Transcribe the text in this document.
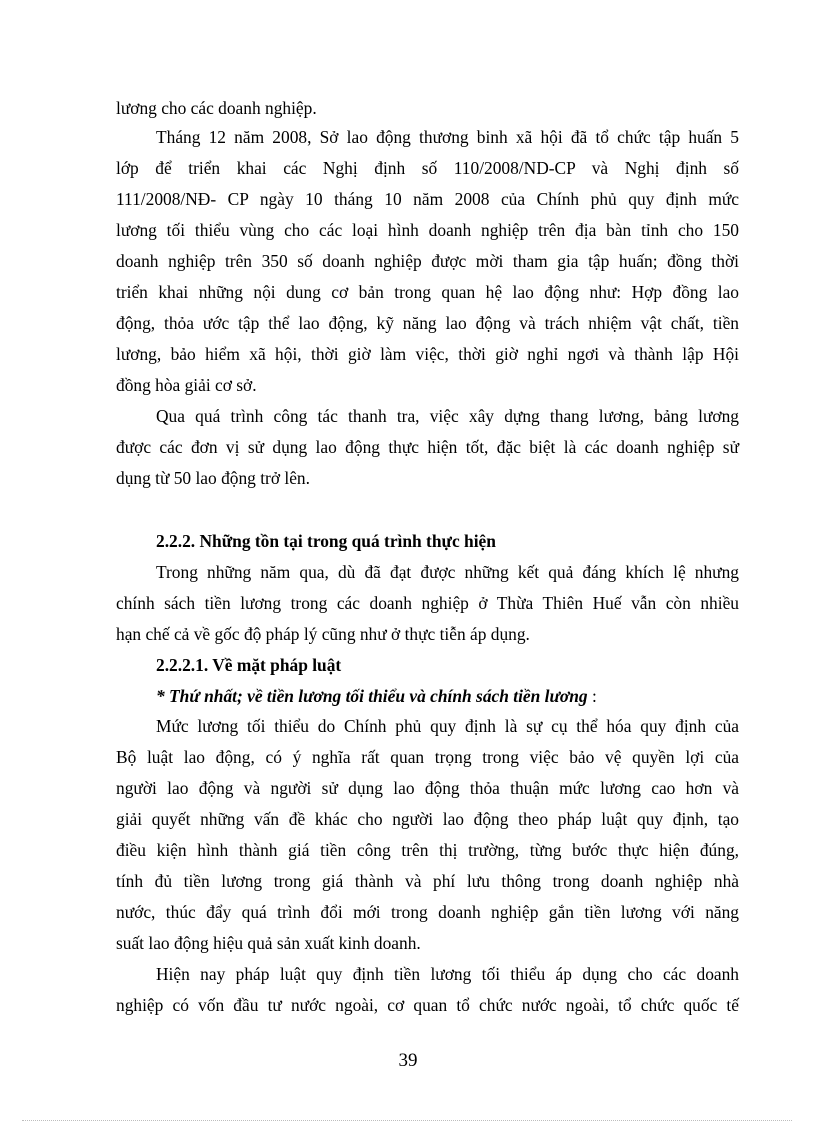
lương cho các doanh nghiệp.
Tháng 12 năm 2008, Sở lao động thương binh xã hội đã tổ chức tập huấn 5
lớp để triển khai các Nghị định số 110/2008/ND-CP và Nghị định số
111/2008/NĐ- CP ngày 10 tháng 10 năm 2008 của Chính phủ quy định mức
lương tối thiểu vùng cho các loại hình doanh nghiệp trên địa bàn tỉnh cho 150
doanh nghiệp trên 350 số doanh nghiệp được mời tham gia tập huấn; đồng thời
triển khai những nội dung cơ bản trong quan hệ lao động như: Hợp đồng lao
động, thỏa ước tập thể lao động, kỹ năng lao động và trách nhiệm vật chất, tiền
lương, bảo hiểm xã hội, thời giờ làm việc, thời giờ nghỉ ngơi và thành lập Hội
đồng hòa giải cơ sở.
Qua quá trình công tác thanh tra, việc xây dựng thang lương, bảng lương
được các đơn vị sử dụng lao động thực hiện tốt, đặc biệt là các doanh nghiệp sử
dụng từ 50 lao động trở lên.
2.2.2. Những tồn tại trong quá trình thực hiện
Trong những năm qua, dù đã đạt được những kết quả đáng khích lệ nhưng
chính sách tiền lương trong các doanh nghiệp ở Thừa Thiên Huế vẫn còn nhiều
hạn chế cả về gốc độ pháp lý cũng như ở thực tiễn áp dụng.
2.2.2.1. Về mặt pháp luật
* Thứ nhất; về tiền lương tối thiểu và chính sách tiền lương :
Mức lương tối thiểu do Chính phủ quy định là sự cụ thể hóa quy định của
Bộ luật lao động, có ý nghĩa rất quan trọng trong việc bảo vệ quyền lợi của
người lao động và người sử dụng lao động thỏa thuận mức lương cao hơn và
giải quyết những vấn đề khác cho người lao động theo pháp luật quy định, tạo
điều kiện hình thành giá tiền công trên thị trường, từng bước thực hiện đúng,
tính đủ tiền lương trong giá thành và phí lưu thông trong doanh nghiệp nhà
nước, thúc đẩy quá trình đổi mới trong doanh nghiệp gắn tiền lương với năng
suất lao động hiệu quả sản xuất kinh doanh.
Hiện nay pháp luật quy định tiền lương tối thiểu áp dụng cho các doanh
nghiệp có vốn đầu tư nước ngoài, cơ quan tổ chức nước ngoài, tổ chức quốc tế
39
